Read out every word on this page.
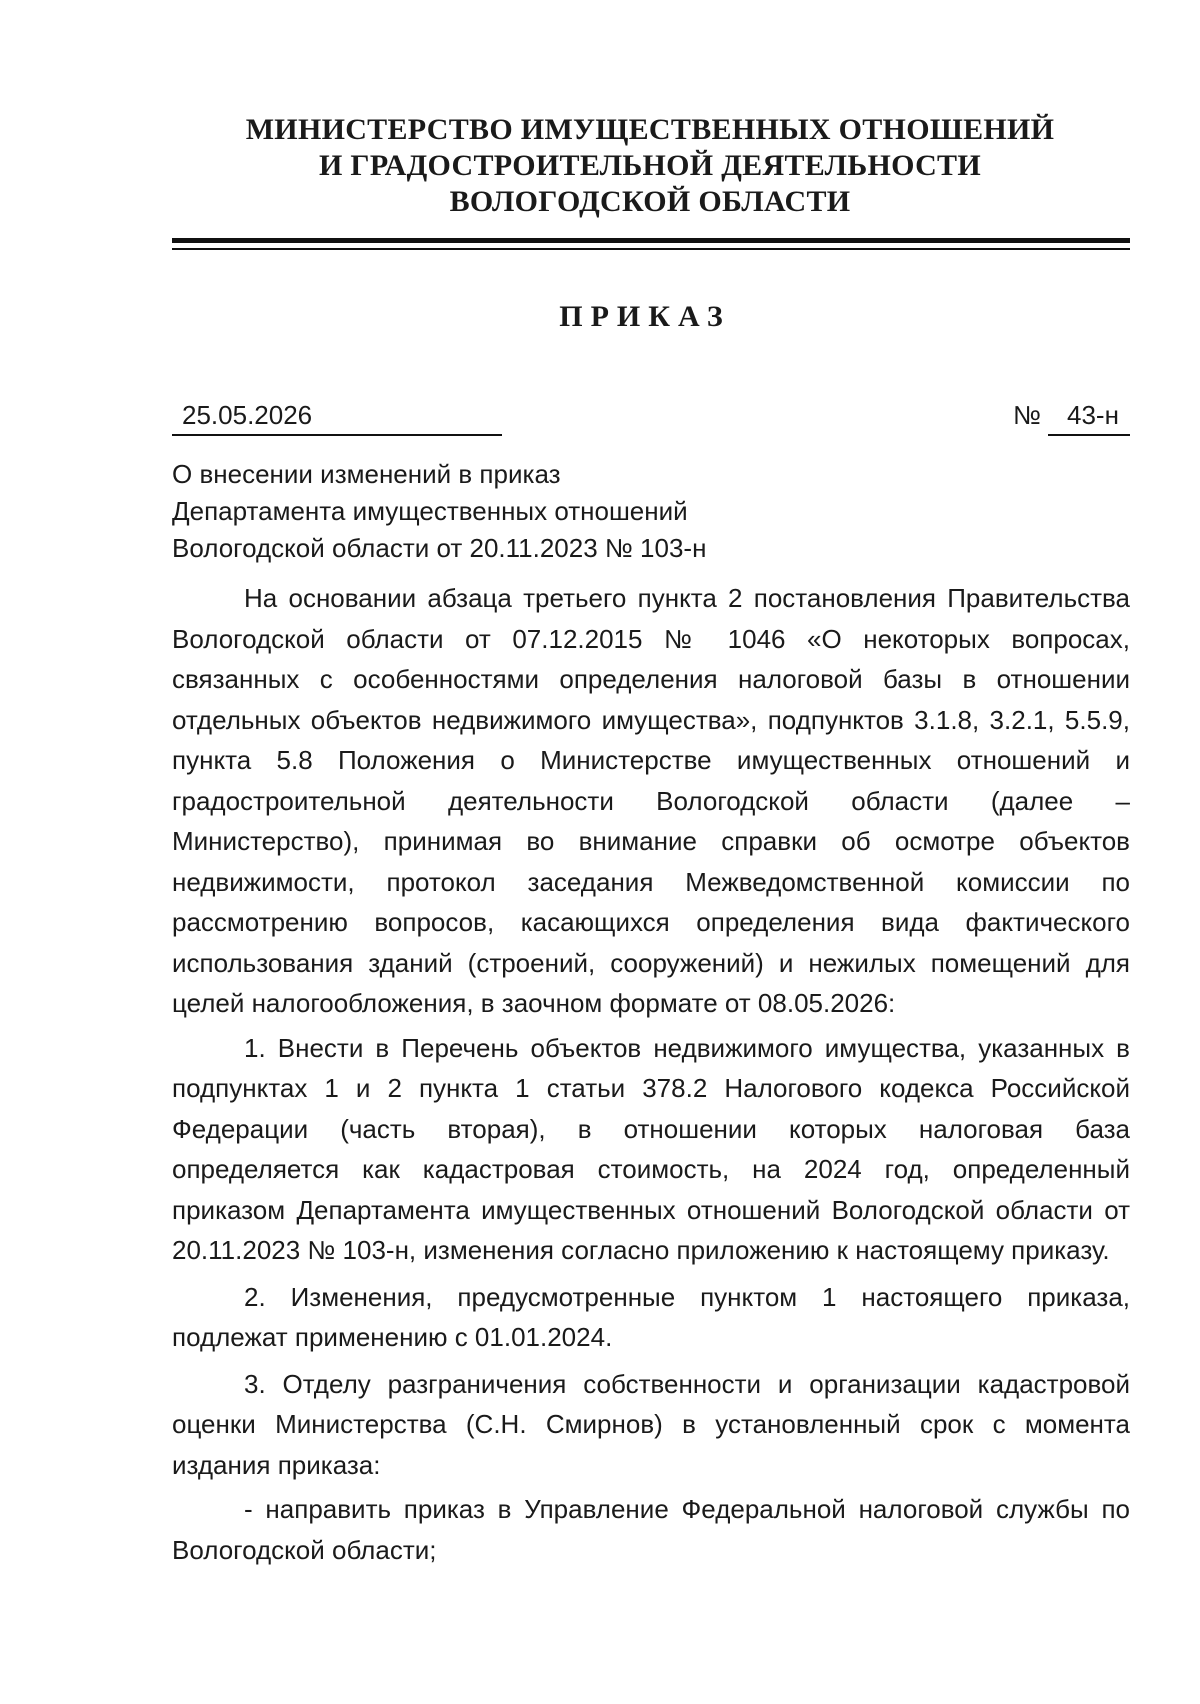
МИНИСТЕРСТВО ИМУЩЕСТВЕННЫХ ОТНОШЕНИЙ
И ГРАДОСТРОИТЕЛЬНОЙ ДЕЯТЕЛЬНОСТИ
ВОЛОГОДСКОЙ ОБЛАСТИ
ПРИКАЗ
25.05.2026	№ 43-н
О внесении изменений в приказ
Департамента имущественных отношений
Вологодской области от 20.11.2023 № 103-н

На основании абзаца третьего пункта 2 постановления Правительства Вологодской области от 07.12.2015 № 1046 «О некоторых вопросах, связанных с особенностями определения налоговой базы в отношении отдельных объектов недвижимого имущества», подпунктов 3.1.8, 3.2.1, 5.5.9, пункта 5.8 Положения о Министерстве имущественных отношений и градостроительной деятельности Вологодской области (далее – Министерство), принимая во внимание справки об осмотре объектов недвижимости, протокол заседания Межведомственной комиссии по рассмотрению вопросов, касающихся определения вида фактического использования зданий (строений, сооружений) и нежилых помещений для целей налогообложения, в заочном формате от 08.05.2026:

1. Внести в Перечень объектов недвижимого имущества, указанных в подпунктах 1 и 2 пункта 1 статьи 378.2 Налогового кодекса Российской Федерации (часть вторая), в отношении которых налоговая база определяется как кадастровая стоимость, на 2024 год, определенный приказом Департамента имущественных отношений Вологодской области от 20.11.2023 № 103-н, изменения согласно приложению к настоящему приказу.

2. Изменения, предусмотренные пунктом 1 настоящего приказа, подлежат применению с 01.01.2024.

3. Отделу разграничения собственности и организации кадастровой оценки Министерства (С.Н. Смирнов) в установленный срок с момента издания приказа:

- направить приказ в Управление Федеральной налоговой службы по Вологодской области;
